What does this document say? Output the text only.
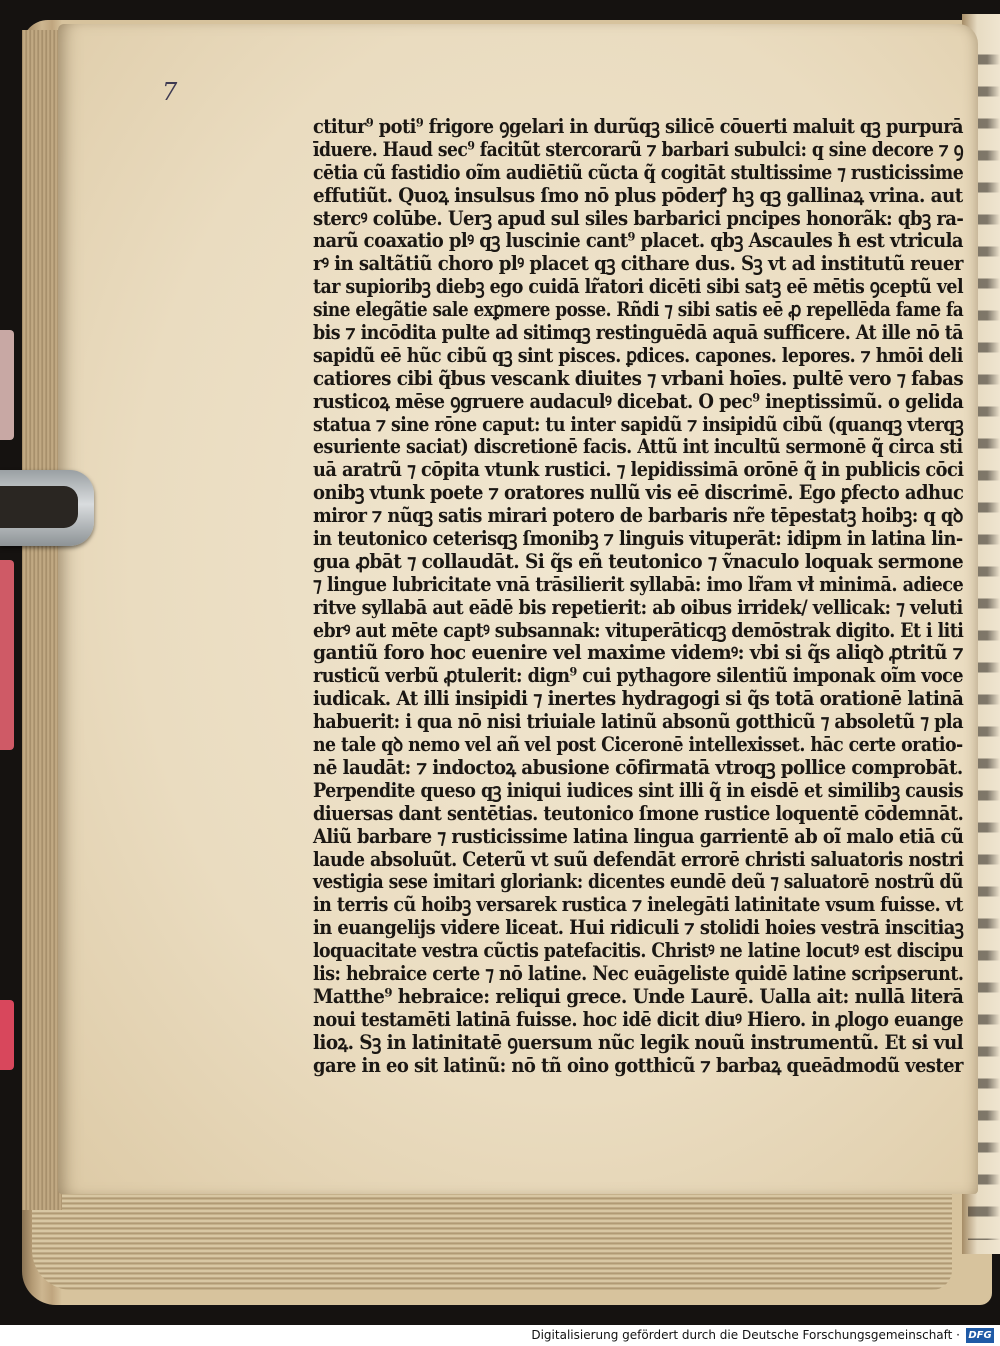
7
ctitur⁹ poti⁹ frigore ꝯgelari in durũqꝫ silicē cōuerti maluit qꝫ purpurā
īduere. Haud sec⁹ facitũt stercorarũ ⁊ barbari subulci: q sine decore ⁊ ꝯ
cētia cũ fastidio oĩm audiētiũ cũcta q̃ cogitāt stultissime ⁊ rusticissime
effutiũt. Quoꝝ insulsus ſmo nō plus pōderꝭ hꝫ qꝫ gallinaꝝ vrina. aut
stercꝰ colūbe. Uerꝫ apud sul siles barbarici pncipes honorãk: qbꝫ ra-
narũ coaxatio plꝰ qꝫ luscinie cant⁹ placet. qbꝫ Ascaules ħ est vtricula
rꝰ in saltãtiũ choro plꝰ placet qꝫ cithare dus. Sꝫ vt ad institutũ reuer
tar supioribꝫ diebꝫ ego cuidā lr̃atori dicēti sibi satꝫ eē mētis ꝯceptũ vel
sine elegãtie sale exꝑmere posse. Rñdi ⁊ sibi satis eē ꝓ repellēda fame fa
bis ⁊ incōdita pulte ad sitimqꝫ restinguēdā aquā sufficere. At ille nō tā
sapidũ eē hũc cibũ qꝫ sint pisces. ꝑdices. capones. lepores. ⁊ hmōi deli
catiores cibi q̃bus vescank diuites ⁊ vrbani hoīes. pultē vero ⁊ fabas
rusticoꝝ mēse ꝯgruere audaculꝰ dicebat. O pec⁹ ineptissimũ. o gelida
statua ⁊ sine rōne caput: tu inter sapidũ ⁊ insipidũ cibũ (quanqꝫ vterqꝫ
esuriente saciat) discretionē facis. Attũ int incultũ sermonē q̃ circa sti
uā aratrũ ⁊ cōpita vtunk rustici. ⁊ lepidissimā orōnē q̃ in publicis cōci
onibꝫ vtunk poete ⁊ oratores nullũ vis eē discrimē. Ego ꝑfecto adhuc
miror ⁊ nũqꝫ satis mirari potero de barbaris nr̃e tēpestatꝫ hoibꝫ: q qꝺ
in teutonico ceterisqꝫ ſmonibꝫ ⁊ linguis vituperāt: idipm in latina lin-
gua ꝓbāt ⁊ collaudāt. Si q̃s eñ teutonico ⁊ ṽnaculo loquak sermone
⁊ lingue lubricitate vnā trāsilierit syllabā: imo lr̃am vł minimā. adiece
ritve syllabā aut eādē bis repetierit: ab oibus irridek/ vellicak: ⁊ veluti
ebrꝰ aut mēte captꝰ subsannak: vituperāticqꝫ demōstrak digito. Et i liti
gantiũ foro hoc euenire vel maxime videmꝰ: vbi si q̃s aliqꝺ ꝓtritũ ⁊
rusticũ verbũ ꝓtulerit: dign⁹ cui pythagore silentiũ imponak oĩm voce
iudicak. At illi insipidi ⁊ inertes hydragogi si q̃s totā orationē latinā
habuerit: i qua nō nisi triuiale latinũ absonũ gotthicũ ⁊ absoletũ ⁊ pla
ne tale qꝺ nemo vel añ vel post Ciceronē intellexisset. hāc certe oratio-
nē laudāt: ⁊ indoctoꝝ abusione cōfirmatā vtroqꝫ pollice comprobāt.
Perpendite queso qꝫ iniqui iudices sint illi q̃ in eisdē et similibꝫ causis
diuersas dant sentētias. teutonico ſmone rustice loquentē cōdemnāt.
Aliũ barbare ⁊ rusticissime latina lingua garrientē ab oĩ malo etiā cũ
laude absoluũt. Ceterũ vt suũ defendāt errorē christi saluatoris nostri
vestigia sese imitari gloriank: dicentes eundē deũ ⁊ saluatorē nostrũ dũ
in terris cũ hoibꝫ versarek rustica ⁊ inelegāti latinitate vsum fuisse. vt
in euangelijs videre liceat. Hui ridiculi ⁊ stolidi hoies vestrā inscitiaꝫ
loquacitate vestra cũctis patefacitis. Christꝰ ne latine locutꝰ est discipu
lis: hebraice certe ⁊ nō latine. Nec euāgeliste quidē latine scripserunt.
Matthe⁹ hebraice: reliqui grece. Unde Laurē. Ualla ait: nullā literā
noui testamēti latinā fuisse. hoc idē dicit diuꝰ Hiero. in ꝓlogo euange
lioꝝ. Sꝫ in latinitatē ꝯuersum nũc legik nouũ instrumentũ. Et si vul
gare in eo sit latinũ: nō tñ oino gotthicũ ⁊ barbaꝝ queādmodũ vester
Digitalisierung gefördert durch die Deutsche Forschungsgemeinschaft · DFG
